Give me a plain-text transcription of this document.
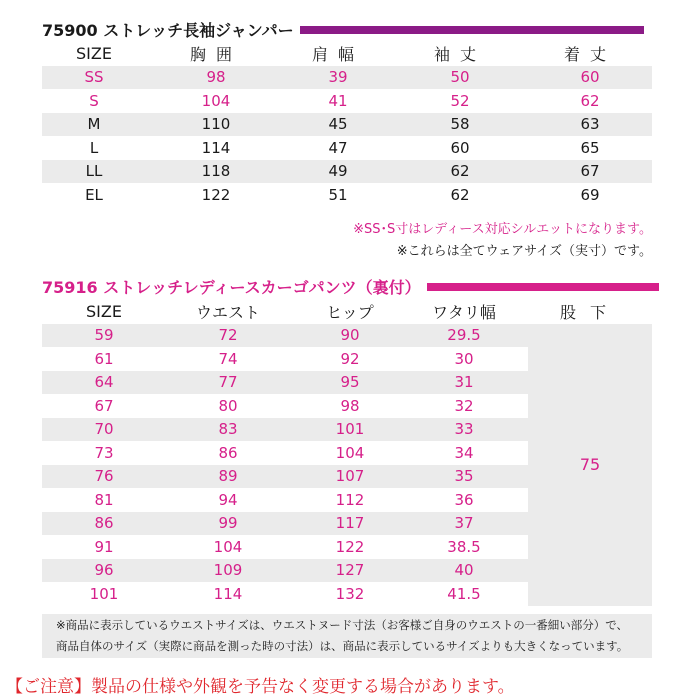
75900 ストレッチ長袖ジャンパー
SIZE	胸囲	肩幅	袖丈	着丈
SS	98	39	50	60
S	104	41	52	62
M	110	45	58	63
L	114	47	60	65
LL	118	49	62	67
EL	122	51	62	69
※SS･S寸はレディース対応シルエットになります。
※これらは全てウェアサイズ（実寸）です。
75916 ストレッチレディースカーゴパンツ（裏付）
SIZE	ウエスト	ヒップ	ワタリ幅	股下
59	72	90	29.5
61	74	92	30
64	77	95	31
67	80	98	32
70	83	101	33
73	86	104	34
76	89	107	35
81	94	112	36
86	99	117	37
91	104	122	38.5
96	109	127	40
101	114	132	41.5
75
※商品に表示しているウエストサイズは、ウエストヌード寸法（お客様ご自身のウエストの一番細い部分）で、
商品自体のサイズ（実際に商品を測った時の寸法）は、商品に表示しているサイズよりも大きくなっています。
【ご注意】製品の仕様や外観を予告なく変更する場合があります。
